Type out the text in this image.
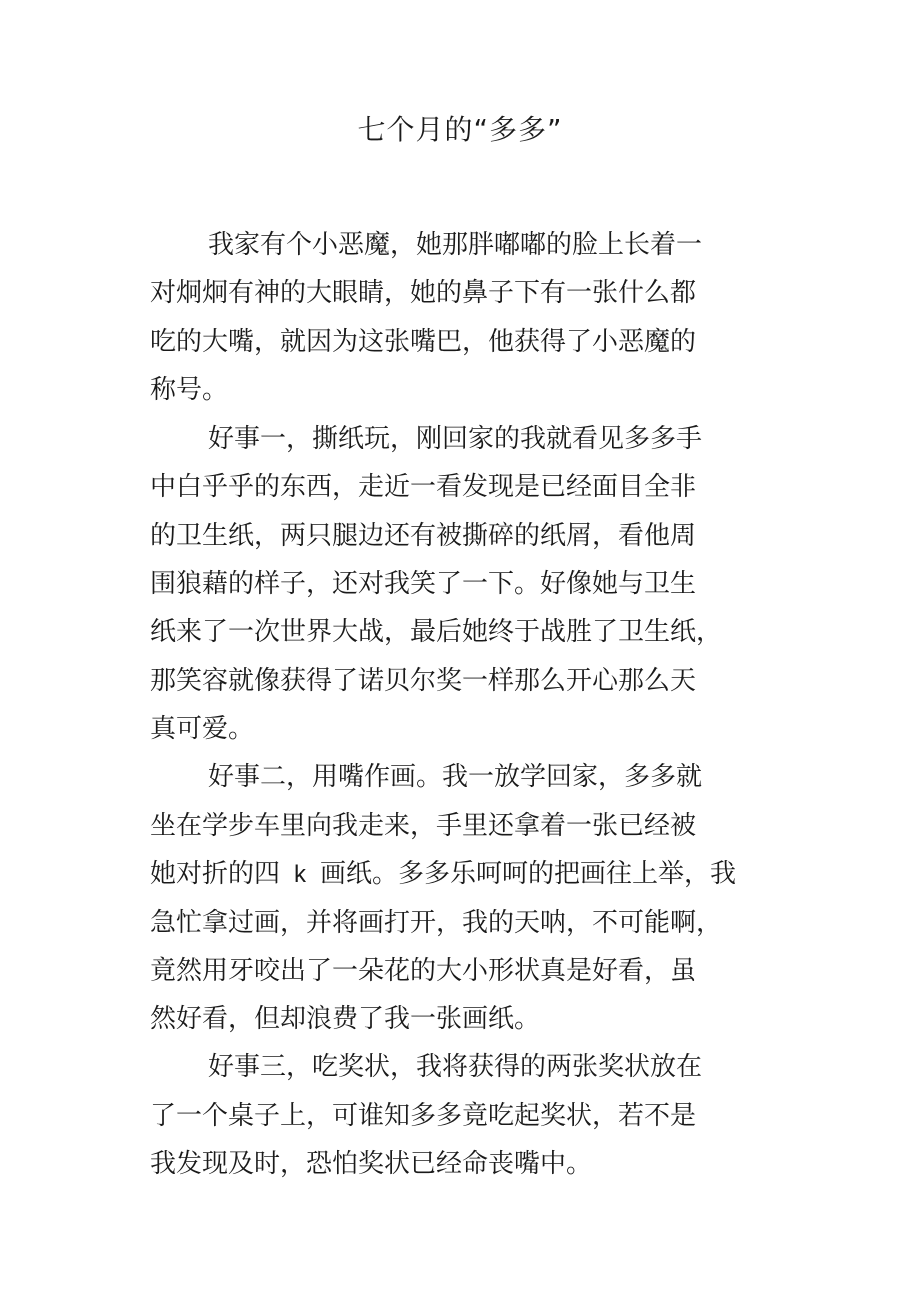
七个月的“多多”
我家有个小恶魔，她那胖嘟嘟的脸上长着一
对炯炯有神的大眼睛，她的鼻子下有一张什么都
吃的大嘴，就因为这张嘴巴，他获得了小恶魔的
称号。
好事一，撕纸玩，刚回家的我就看见多多手
中白乎乎的东西，走近一看发现是已经面目全非
的卫生纸，两只腿边还有被撕碎的纸屑，看他周
围狼藉的样子，还对我笑了一下。好像她与卫生
纸来了一次世界大战，最后她终于战胜了卫生纸，
那笑容就像获得了诺贝尔奖一样那么开心那么天
真可爱。
好事二，用嘴作画。我一放学回家，多多就
坐在学步车里向我走来，手里还拿着一张已经被
她对折的四 k 画纸。多多乐呵呵的把画往上举，我
急忙拿过画，并将画打开，我的天呐，不可能啊，
竟然用牙咬出了一朵花的大小形状真是好看，虽
然好看，但却浪费了我一张画纸。
好事三，吃奖状，我将获得的两张奖状放在
了一个桌子上，可谁知多多竟吃起奖状，若不是
我发现及时，恐怕奖状已经命丧嘴中。
